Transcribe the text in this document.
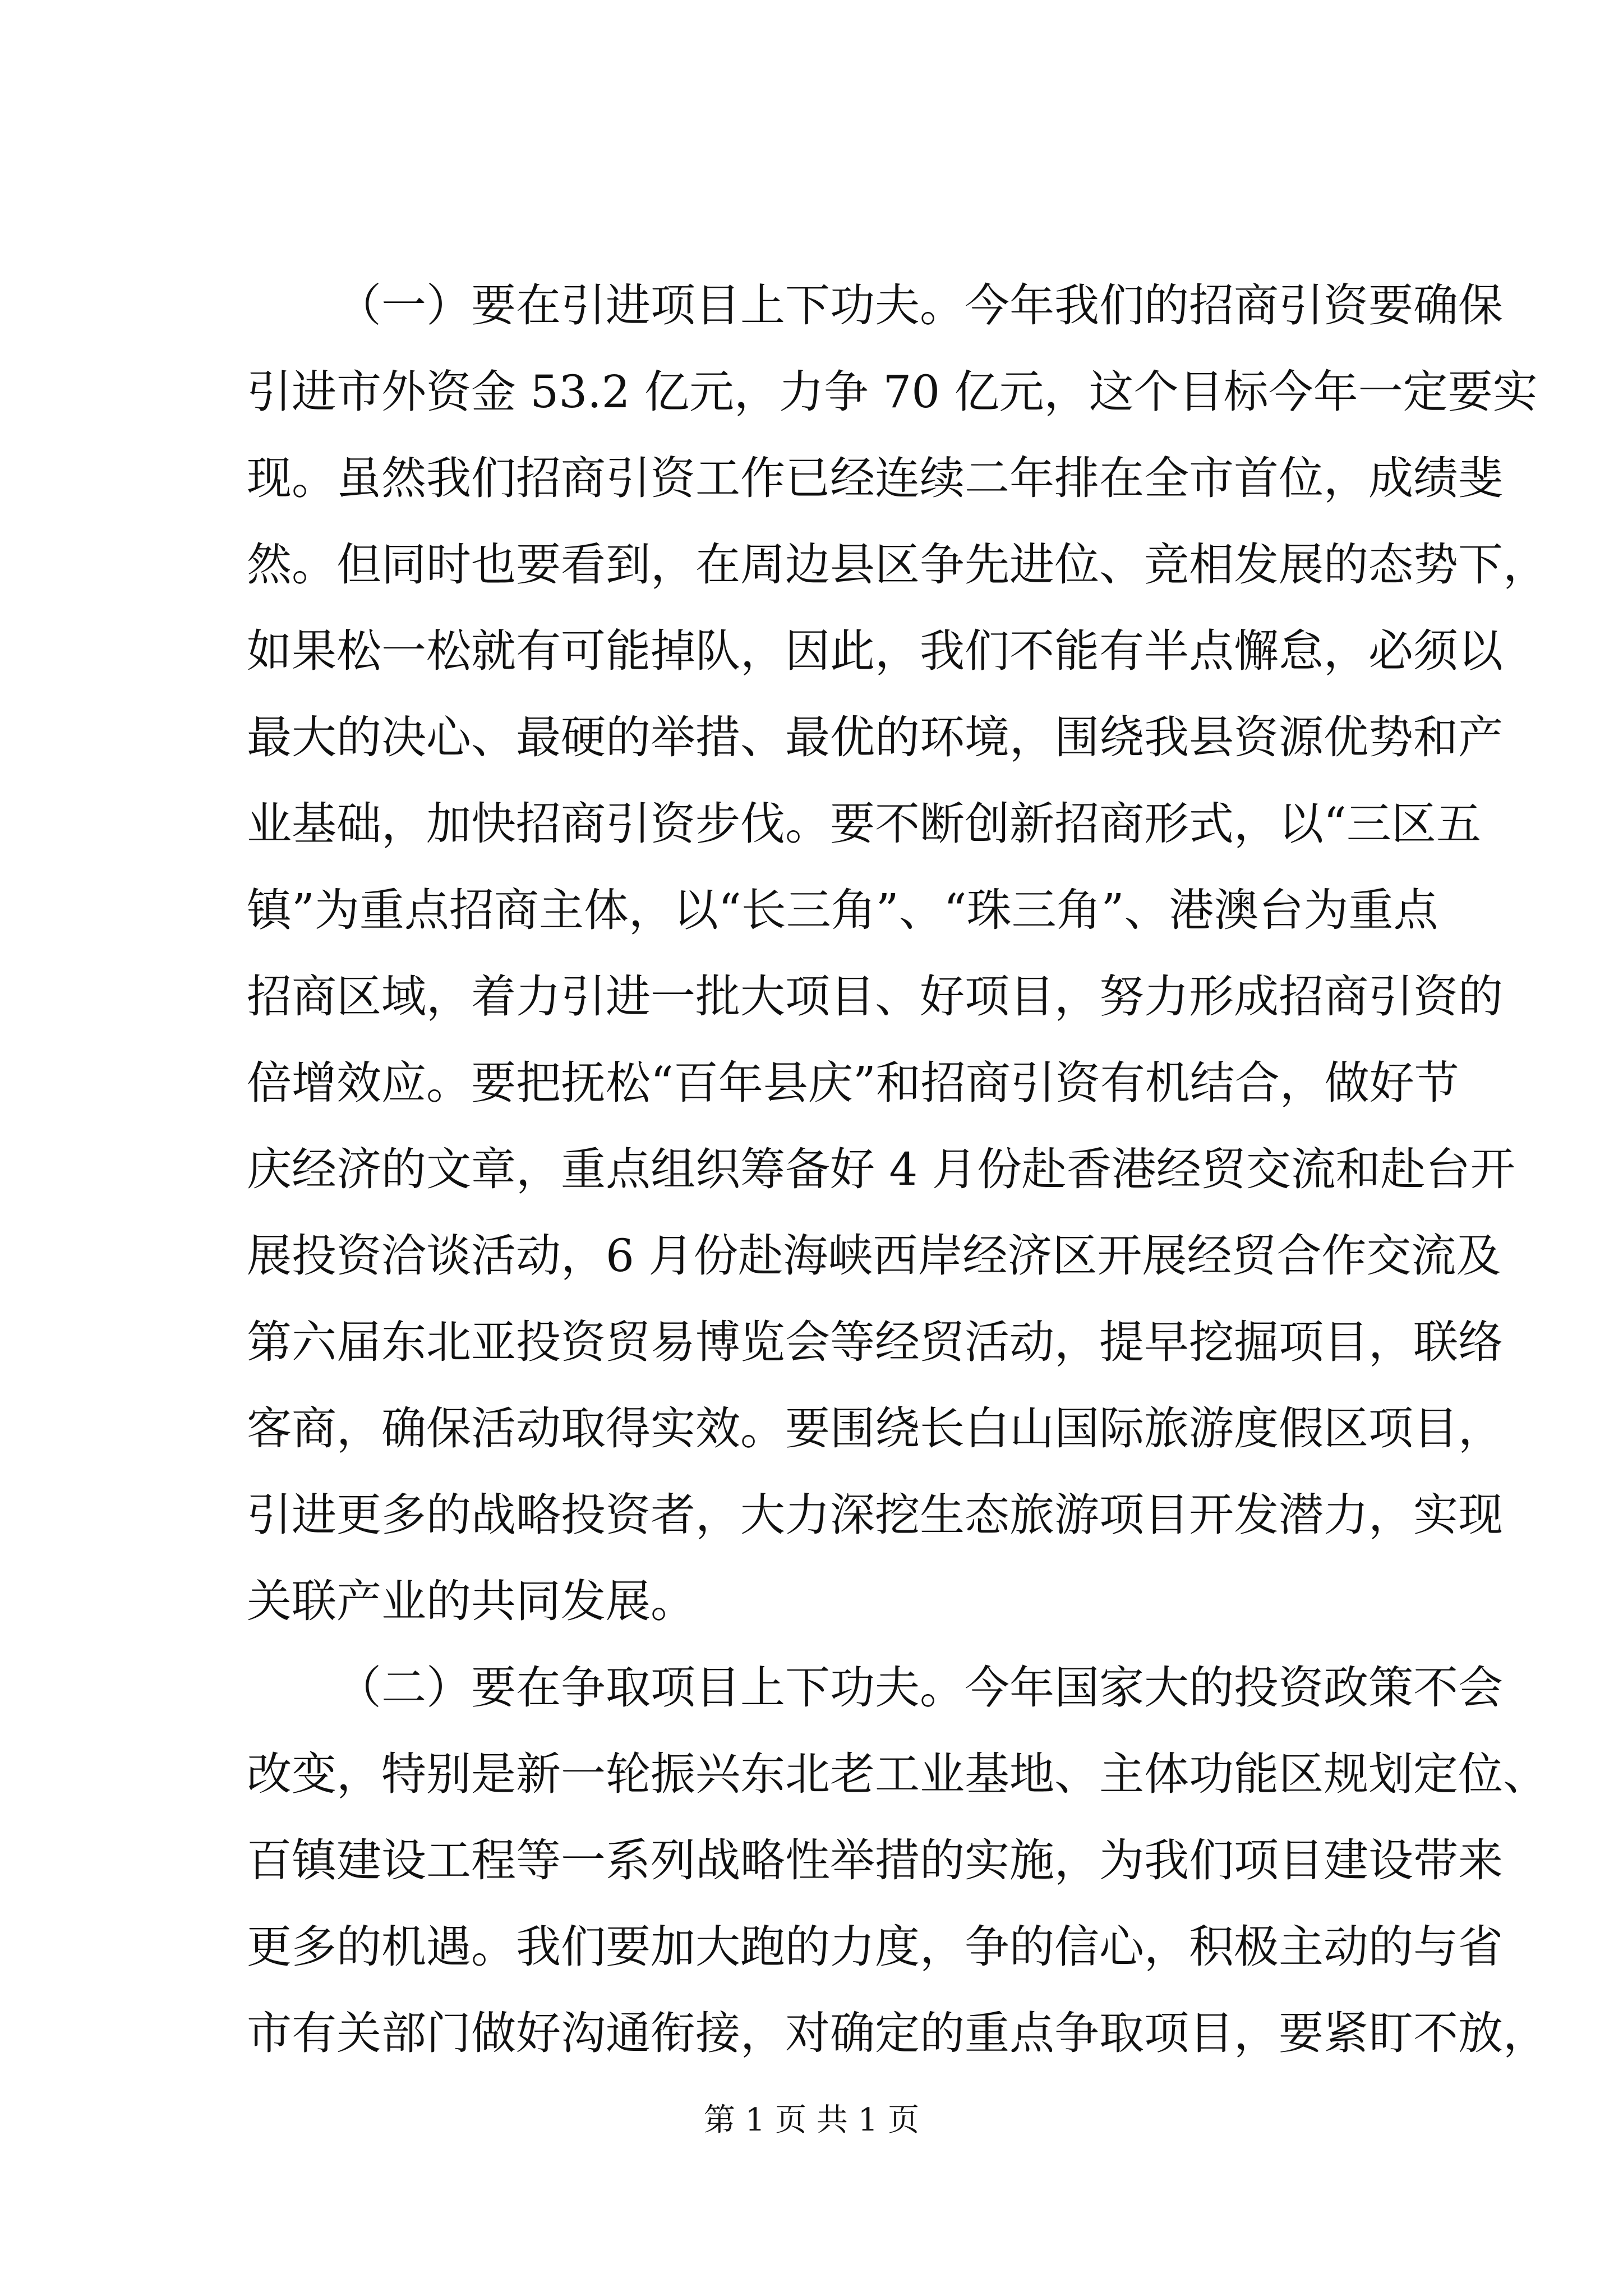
（一）要在引进项目上下功夫。今年我们的招商引资要确保
引进市外资金 53.2 亿元，力争 70 亿元，这个目标今年一定要实
现。虽然我们招商引资工作已经连续二年排在全市首位，成绩斐
然。但同时也要看到，在周边县区争先进位、竞相发展的态势下，
如果松一松就有可能掉队，因此，我们不能有半点懈怠，必须以
最大的决心、最硬的举措、最优的环境，围绕我县资源优势和产
业基础，加快招商引资步伐。要不断创新招商形式，以“三区五
镇”为重点招商主体，以“长三角”、“珠三角”、港澳台为重点
招商区域，着力引进一批大项目、好项目，努力形成招商引资的
倍增效应。要把抚松“百年县庆”和招商引资有机结合，做好节
庆经济的文章，重点组织筹备好 4 月份赴香港经贸交流和赴台开
展投资洽谈活动，6 月份赴海峡西岸经济区开展经贸合作交流及
第六届东北亚投资贸易博览会等经贸活动，提早挖掘项目，联络
客商，确保活动取得实效。要围绕长白山国际旅游度假区项目，
引进更多的战略投资者，大力深挖生态旅游项目开发潜力，实现
关联产业的共同发展。
（二）要在争取项目上下功夫。今年国家大的投资政策不会
改变，特别是新一轮振兴东北老工业基地、主体功能区规划定位、
百镇建设工程等一系列战略性举措的实施，为我们项目建设带来
更多的机遇。我们要加大跑的力度，争的信心，积极主动的与省
市有关部门做好沟通衔接，对确定的重点争取项目，要紧盯不放，
第 1 页 共 1 页
